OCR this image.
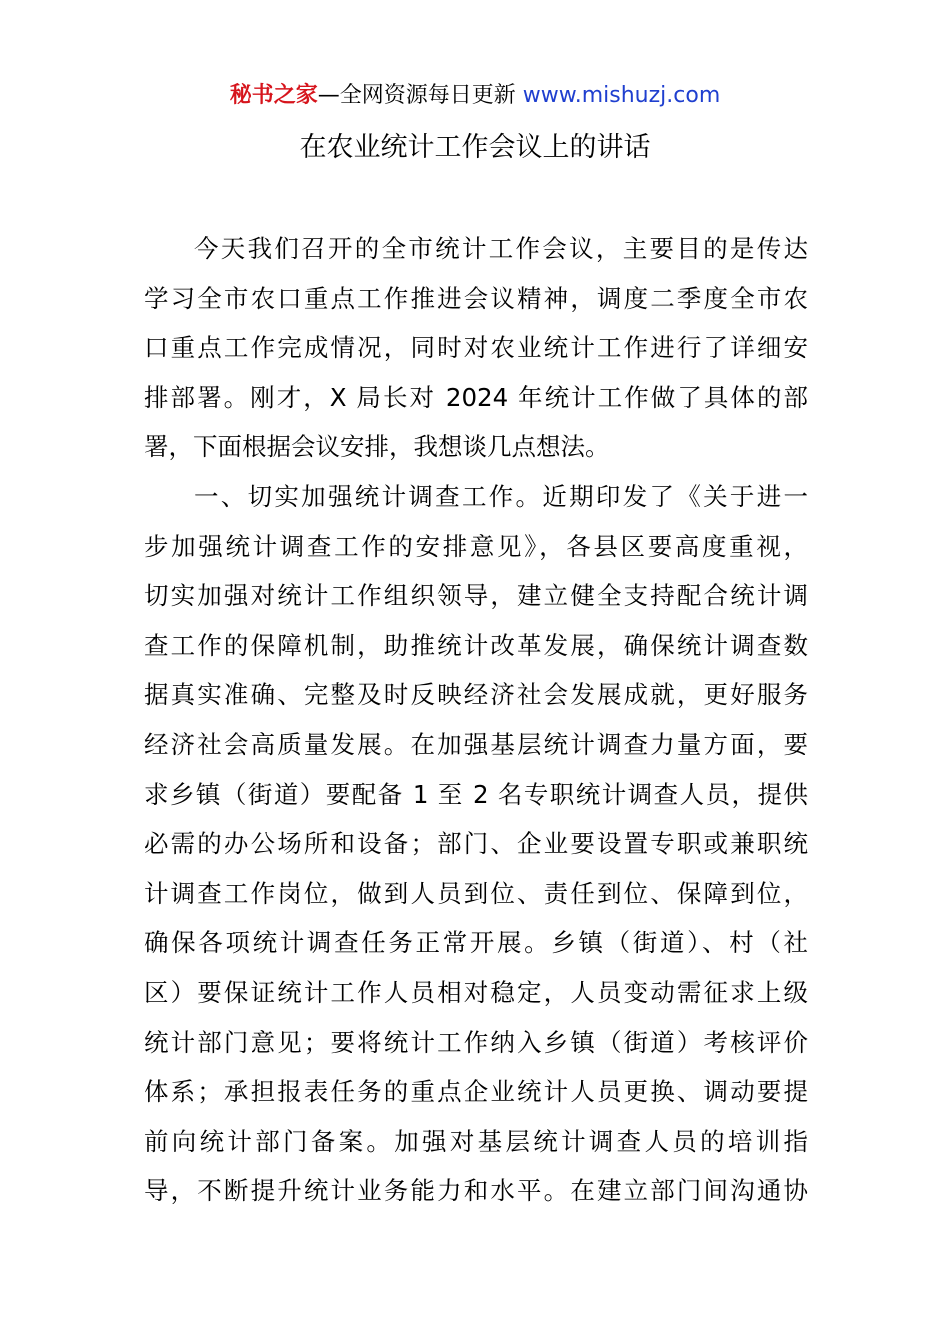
秘书之家—全网资源每日更新 www.mishuzj.com
在农业统计工作会议上的讲话
今天我们召开的全市统计工作会议，主要目的是传达
学习全市农口重点工作推进会议精神，调度二季度全市农
口重点工作完成情况，同时对农业统计工作进行了详细安
排部署。刚才，X 局长对 2024 年统计工作做了具体的部
署，下面根据会议安排，我想谈几点想法。
一、切实加强统计调查工作。近期印发了《关于进一
步加强统计调查工作的安排意见》，各县区要高度重视，
切实加强对统计工作组织领导，建立健全支持配合统计调
查工作的保障机制，助推统计改革发展，确保统计调查数
据真实准确、完整及时反映经济社会发展成就，更好服务
经济社会高质量发展。在加强基层统计调查力量方面，要
求乡镇（街道）要配备 1 至 2 名专职统计调查人员，提供
必需的办公场所和设备；部门、企业要设置专职或兼职统
计调查工作岗位，做到人员到位、责任到位、保障到位，
确保各项统计调查任务正常开展。乡镇（街道）、村（社
区）要保证统计工作人员相对稳定，人员变动需征求上级
统计部门意见；要将统计工作纳入乡镇（街道）考核评价
体系；承担报表任务的重点企业统计人员更换、调动要提
前向统计部门备案。加强对基层统计调查人员的培训指
导，不断提升统计业务能力和水平。在建立部门间沟通协
